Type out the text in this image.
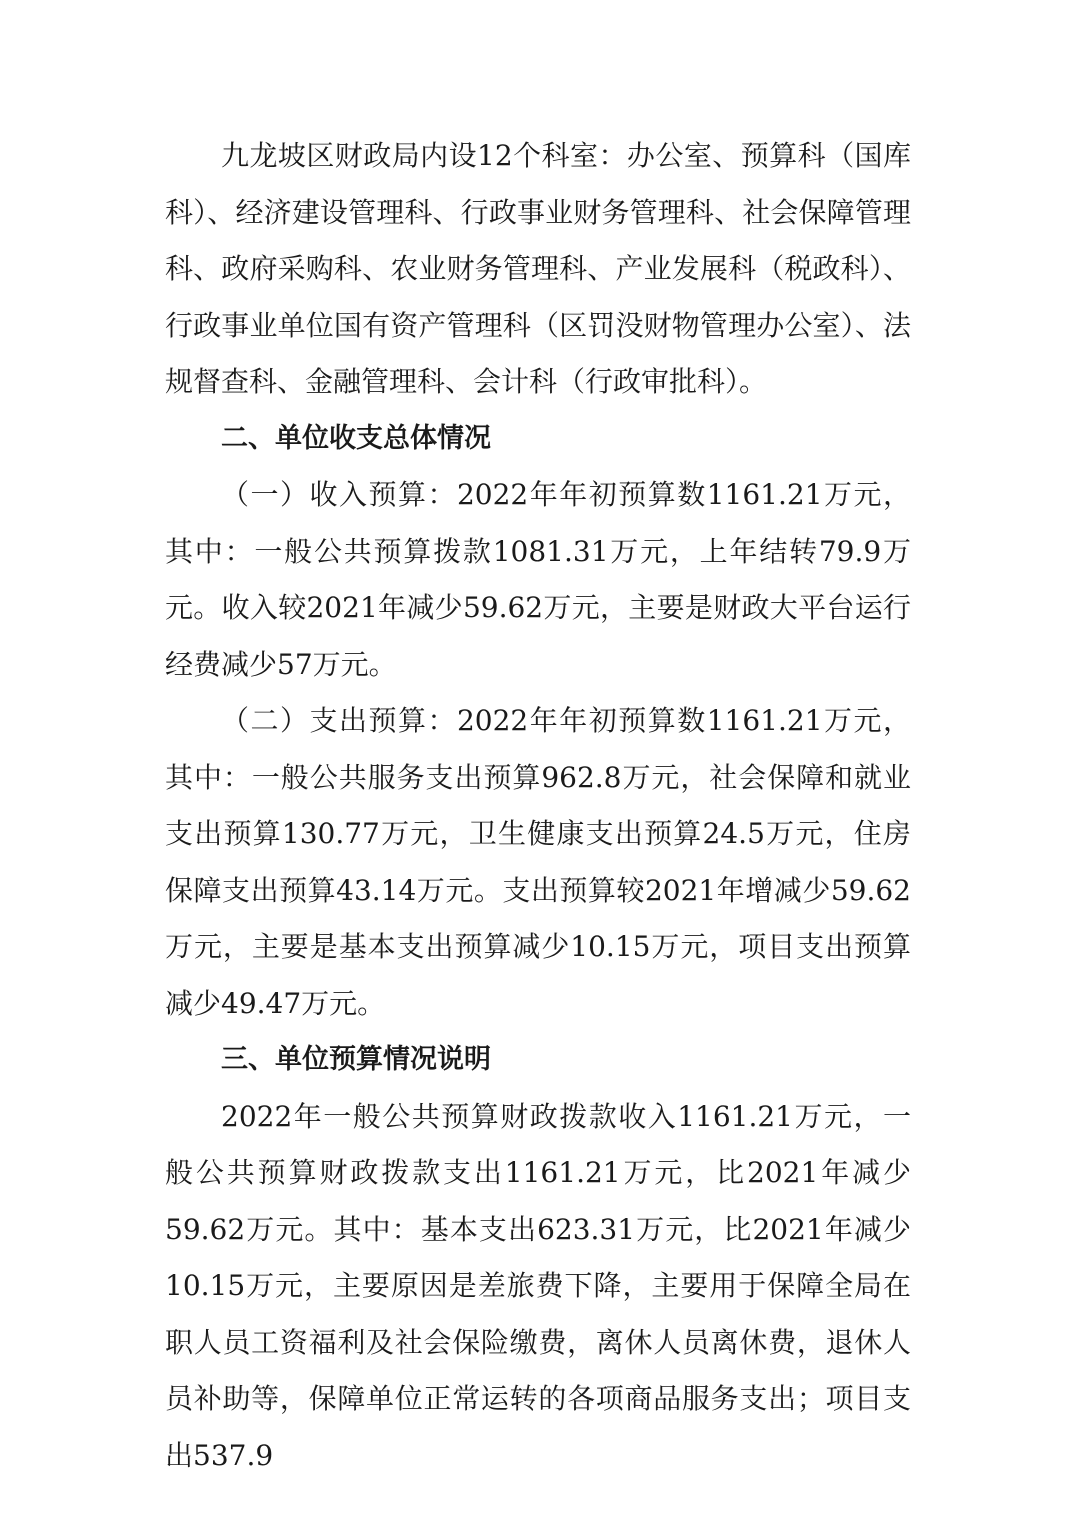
九龙坡区财政局内设12个科室：办公室、预算科（国库科）、经济建设管理科、行政事业财务管理科、社会保障管理科、政府采购科、农业财务管理科、产业发展科（税政科）、行政事业单位国有资产管理科（区罚没财物管理办公室）、法规督查科、金融管理科、会计科（行政审批科）。

二、单位收支总体情况

（一）收入预算：2022年年初预算数1161.21万元，其中：一般公共预算拨款1081.31万元，上年结转79.9万元。收入较2021年减少59.62万元，主要是财政大平台运行经费减少57万元。

（二）支出预算：2022年年初预算数1161.21万元，其中：一般公共服务支出预算962.8万元，社会保障和就业支出预算130.77万元，卫生健康支出预算24.5万元，住房保障支出预算43.14万元。支出预算较2021年增减少59.62万元，主要是基本支出预算减少10.15万元，项目支出预算减少49.47万元。

三、单位预算情况说明

2022年一般公共预算财政拨款收入1161.21万元，一般公共预算财政拨款支出1161.21万元，比2021年减少59.62万元。其中：基本支出623.31万元，比2021年减少10.15万元，主要原因是差旅费下降，主要用于保障全局在职人员工资福利及社会保险缴费，离休人员离休费，退休人员补助等，保障单位正常运转的各项商品服务支出；项目支出537.9
